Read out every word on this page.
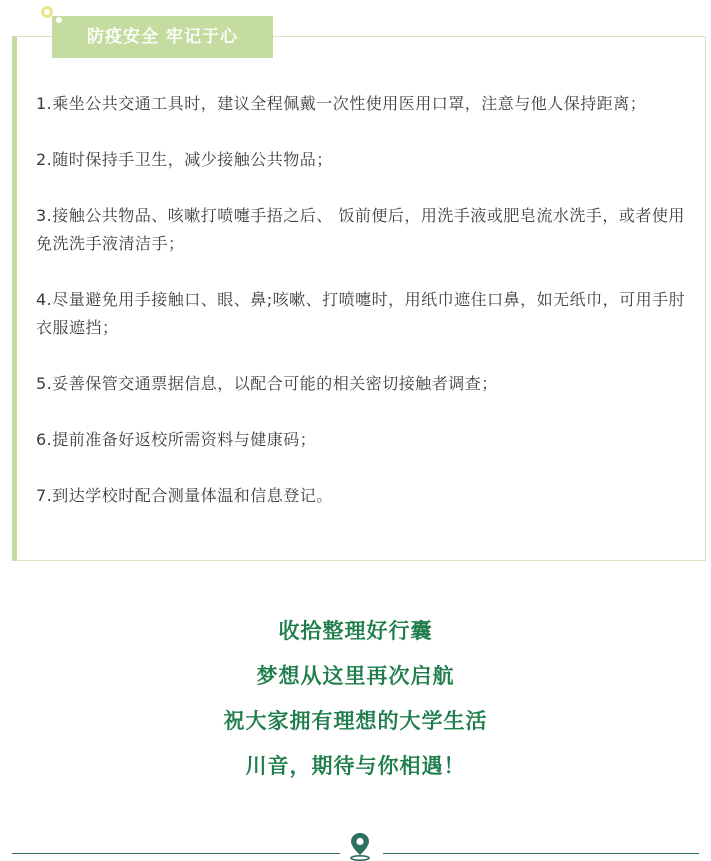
防疫安全 牢记于心
1.乘坐公共交通工具时，建议全程佩戴一次性使用医用口罩，注意与他人保持距离；
2.随时保持手卫生，减少接触公共物品；
3.接触公共物品、咳嗽打喷嚏手捂之后、 饭前便后，用洗手液或肥皂流水洗手，或者使用免洗洗手液清洁手；
4.尽量避免用手接触口、眼、鼻;咳嗽、打喷嚏时，用纸巾遮住口鼻，如无纸巾，可用手肘衣服遮挡；
5.妥善保管交通票据信息，以配合可能的相关密切接触者调查；
6.提前准备好返校所需资料与健康码；
7.到达学校时配合测量体温和信息登记。
收拾整理好行囊
梦想从这里再次启航
祝大家拥有理想的大学生活
川音，期待与你相遇！
